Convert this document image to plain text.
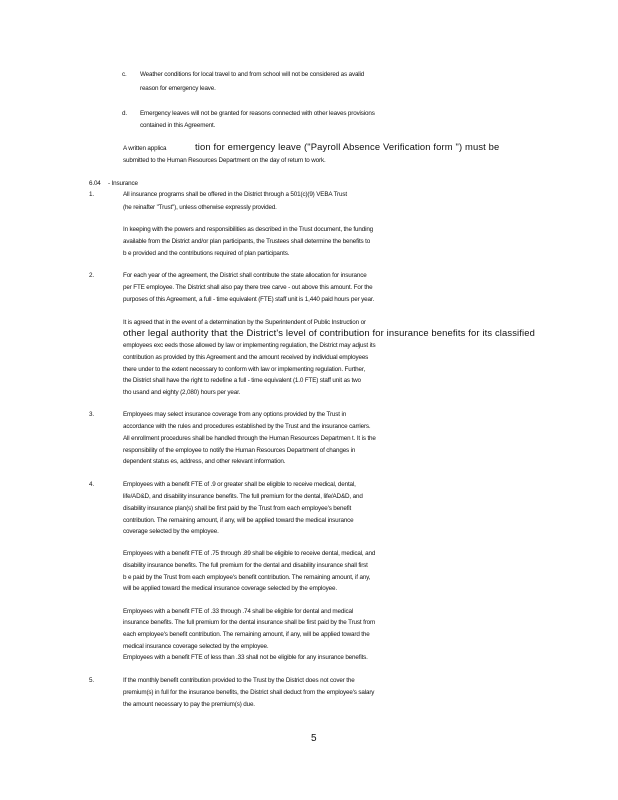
c. Weather conditions for local travel to and from school will not be considered as avalid
reason for emergency leave.
d. Emergency leaves will not be granted for reasons connected with other leaves provisions
contained in this Agreement.
A written applica	tion for emergency leave ("Payroll Absence Verification form ") must be
submitted to the Human Resources Department on the day of return to work.
6.04 - Insurance
1.	All insurance programs shall be offered in the District through a 501(c)(9) VEBA Trust
(he reinafter "Trust"), unless otherwise expressly provided.
In keeping with the powers and responsibilities as described in the Trust document, the funding
available from the District and/or plan participants, the Trustees shall determine the benefits to
b e provided and the contributions required of plan participants.
2.	For each year of the agreement, the District shall contribute the state allocation for insurance
per FTE employee. The District shall also pay there tree carve - out above this amount. For the
purposes of this Agreement, a full - time equivalent (FTE) staff unit is 1,440 paid hours per year.
It is agreed that in the event of a determination by the Superintendent of Public Instruction or
other legal authority that the District's level of contribution for insurance benefits for its classified
employees exc eeds those allowed by law or implementing regulation, the District may adjust its
contribution as provided by this Agreement and the amount received by individual employees
there under to the extent necessary to conform with law or implementing regulation. Further,
the District shall have the right to redefine a full - time equivalent (1.0 FTE) staff unit as two
tho usand and eighty (2,080) hours per year.
3.	Employees may select insurance coverage from any options provided by the Trust in
accordance with the rules and procedures established by the Trust and the insurance carriers.
All enrollment procedures shall be handled through the Human Resources Departmen t. It is the
responsibility of the employee to notify the Human Resources Department of changes in
dependent status es, address, and other relevant information.
4.	Employees with a benefit FTE of .9 or greater shall be eligible to receive medical, dental,
life/AD&D, and disability insurance benefits. The full premium for the dental, life/AD&D, and
disability insurance plan(s) shall be first paid by the Trust from each employee's benefit
contribution. The remaining amount, if any, will be applied toward the medical insurance
coverage selected by the employee.
Employees with a benefit FTE of .75 through .89 shall be eligible to receive dental, medical, and
disability insurance benefits. The full premium for the dental and disability insurance shall first
b e paid by the Trust from each employee's benefit contribution. The remaining amount, if any,
will be applied toward the medical insurance coverage selected by the employee.
Employees with a benefit FTE of .33 through .74 shall be eligible for dental and medical
insurance benefits. The full premium for the dental insurance shall be first paid by the Trust from
each employee's benefit contribution. The remaining amount, if any, will be applied toward the
medical insurance coverage selected by the employee.
Employees with a benefit FTE of less than .33 shall not be eligible for any insurance benefits.
5.	If the monthly benefit contribution provided to the Trust by the District does not cover the
premium(s) in full for the insurance benefits, the District shall deduct from the employee's salary
the amount necessary to pay the premium(s) due.
5
